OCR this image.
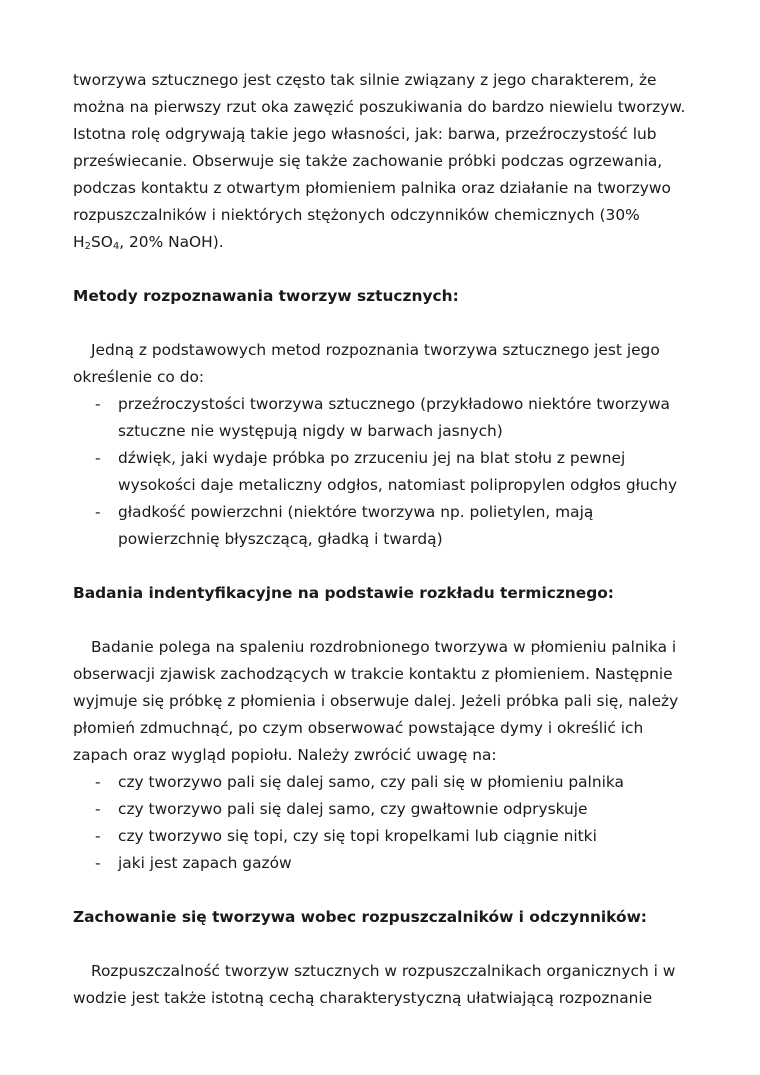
tworzywa sztucznego jest często tak silnie związany z jego charakterem, że
można na pierwszy rzut oka zawęzić poszukiwania do bardzo niewielu tworzyw.
Istotna rolę odgrywają takie jego własności, jak: barwa, przeźroczystość lub
przeświecanie. Obserwuje się także zachowanie próbki podczas ogrzewania,
podczas kontaktu z otwartym płomieniem palnika oraz działanie na tworzywo
rozpuszczalników i niektórych stężonych odczynników chemicznych (30%
$H_2SO_4$, 20% NaOH).
Metody rozpoznawania tworzyw sztucznych:
Jedną z podstawowych metod rozpoznania tworzywa sztucznego jest jego
określenie co do:
- przeźroczystości tworzywa sztucznego (przykładowo niektóre tworzywa
sztuczne nie występują nigdy w barwach jasnych)
- dźwięk, jaki wydaje próbka po zrzuceniu jej na blat stołu z pewnej
wysokości daje metaliczny odgłos, natomiast polipropylen odgłos głuchy
- gładkość powierzchni (niektóre tworzywa np. polietylen, mają
powierzchnię błyszczącą, gładką i twardą)
Badania indentyfikacyjne na podstawie rozkładu termicznego:
Badanie polega na spaleniu rozdrobnionego tworzywa w płomieniu palnika i
obserwacji zjawisk zachodzących w trakcie kontaktu z płomieniem. Następnie
wyjmuje się próbkę z płomienia i obserwuje dalej. Jeżeli próbka pali się, należy
płomień zdmuchnąć, po czym obserwować powstające dymy i określić ich
zapach oraz wygląd popiołu. Należy zwrócić uwagę na:
- czy tworzywo pali się dalej samo, czy pali się w płomieniu palnika
- czy tworzywo pali się dalej samo, czy gwałtownie odpryskuje
- czy tworzywo się topi, czy się topi kropelkami lub ciągnie nitki
- jaki jest zapach gazów
Zachowanie się tworzywa wobec rozpuszczalników i odczynników:
Rozpuszczalność tworzyw sztucznych w rozpuszczalnikach organicznych i w
wodzie jest także istotną cechą charakterystyczną ułatwiającą rozpoznanie
